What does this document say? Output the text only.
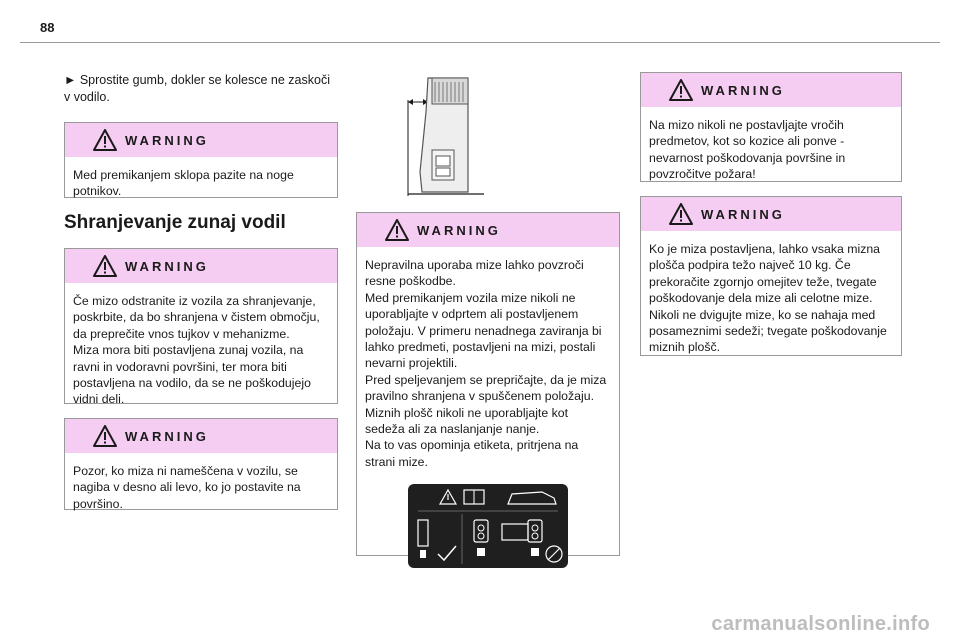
88

► Sprostite gumb, dokler se kolesce ne zaskoči v vodilo.

WARNING
Med premikanjem sklopa pazite na noge potnikov.
Shranjevanje zunaj vodil
WARNING
Če mizo odstranite iz vozila za shranjevanje, poskrbite, da bo shranjena v čistem območju, da preprečite vnos tujkov v mehanizme.
Miza mora biti postavljena zunaj vozila, na ravni in vodoravni površini, ter mora biti postavljena na vodilo, da se ne poškodujejo vidni deli.
WARNING
Pozor, ko miza ni nameščena v vozilu, se nagiba v desno ali levo, ko jo postavite na površino.
WARNING
Nepravilna uporaba mize lahko povzroči resne poškodbe.
Med premikanjem vozila mize nikoli ne uporabljajte v odprtem ali postavljenem položaju. V primeru nenadnega zaviranja bi lahko predmeti, postavljeni na mizi, postali nevarni projektili.
Pred speljevanjem se prepričajte, da je miza pravilno shranjena v spuščenem položaju.
Miznih plošč nikoli ne uporabljajte kot sedeža ali za naslanjanje nanje.
Na to vas opominja etiketa, pritrjena na strani mize.
WARNING
Na mizo nikoli ne postavljajte vročih predmetov, kot so kozice ali ponve - nevarnost poškodovanja površine in povzročitve požara!
WARNING
Ko je miza postavljena, lahko vsaka mizna plošča podpira težo največ 10 kg. Če prekoračite zgornjo omejitev teže, tvegate poškodovanje dela mize ali celotne mize. Nikoli ne dvigujte mize, ko se nahaja med posameznimi sedeži; tvegate poškodovanje miznih plošč.
carmanualsonline.info
